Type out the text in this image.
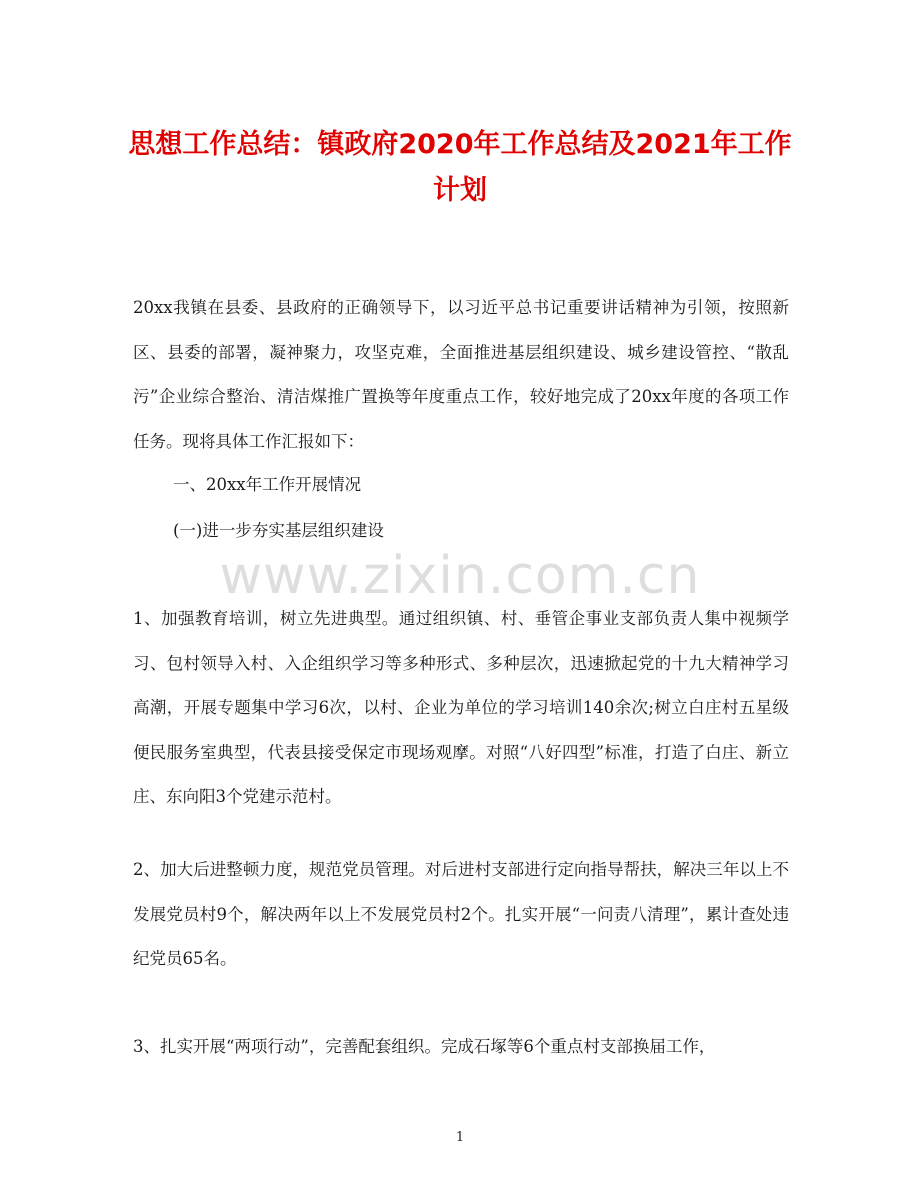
思想工作总结：镇政府2020年工作总结及2021年工作计划

20xx我镇在县委、县政府的正确领导下，以习近平总书记重要讲话精神为引领，按照新区、县委的部署，凝神聚力，攻坚克难，全面推进基层组织建设、城乡建设管控、“散乱污”企业综合整治、清洁煤推广置换等年度重点工作，较好地完成了20xx年度的各项工作任务。现将具体工作汇报如下：

一、20xx年工作开展情况

(一)进一步夯实基层组织建设

www.zixin.com.cn

1、加强教育培训，树立先进典型。通过组织镇、村、垂管企事业支部负责人集中视频学习、包村领导入村、入企组织学习等多种形式、多种层次，迅速掀起党的十九大精神学习高潮，开展专题集中学习6次，以村、企业为单位的学习培训140余次;树立白庄村五星级便民服务室典型，代表县接受保定市现场观摩。对照“八好四型”标准，打造了白庄、新立庄、东向阳3个党建示范村。

2、加大后进整顿力度，规范党员管理。对后进村支部进行定向指导帮扶，解决三年以上不发展党员村9个，解决两年以上不发展党员村2个。扎实开展“一问责八清理”，累计查处违纪党员65名。

3、扎实开展“两项行动”，完善配套组织。完成石塚等6个重点村支部换届工作，

1
